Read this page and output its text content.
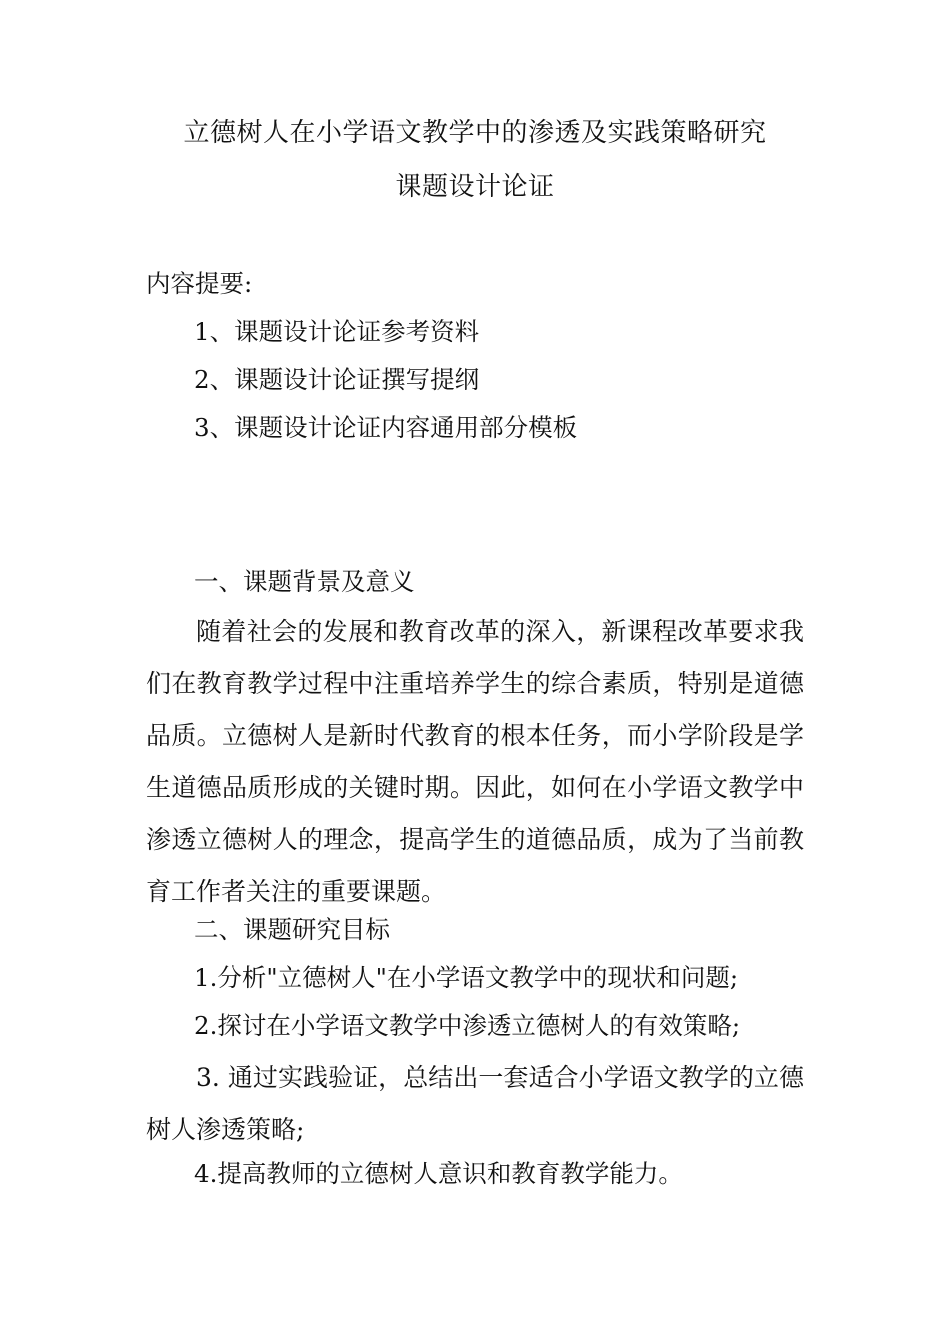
立德树人在小学语文教学中的渗透及实践策略研究
课题设计论证
内容提要:
1、课题设计论证参考资料
2、课题设计论证撰写提纲
3、课题设计论证内容通用部分模板
一、课题背景及意义
随着社会的发展和教育改革的深入，新课程改革要求我们在教育教学过程中注重培养学生的综合素质，特别是道德品质。立德树人是新时代教育的根本任务，而小学阶段是学生道德品质形成的关键时期。因此，如何在小学语文教学中渗透立德树人的理念，提高学生的道德品质，成为了当前教育工作者关注的重要课题。
二、课题研究目标
1.分析"立德树人"在小学语文教学中的现状和问题;
2.探讨在小学语文教学中渗透立德树人的有效策略;
3. 通过实践验证，总结出一套适合小学语文教学的立德树人渗透策略;
4.提高教师的立德树人意识和教育教学能力。
